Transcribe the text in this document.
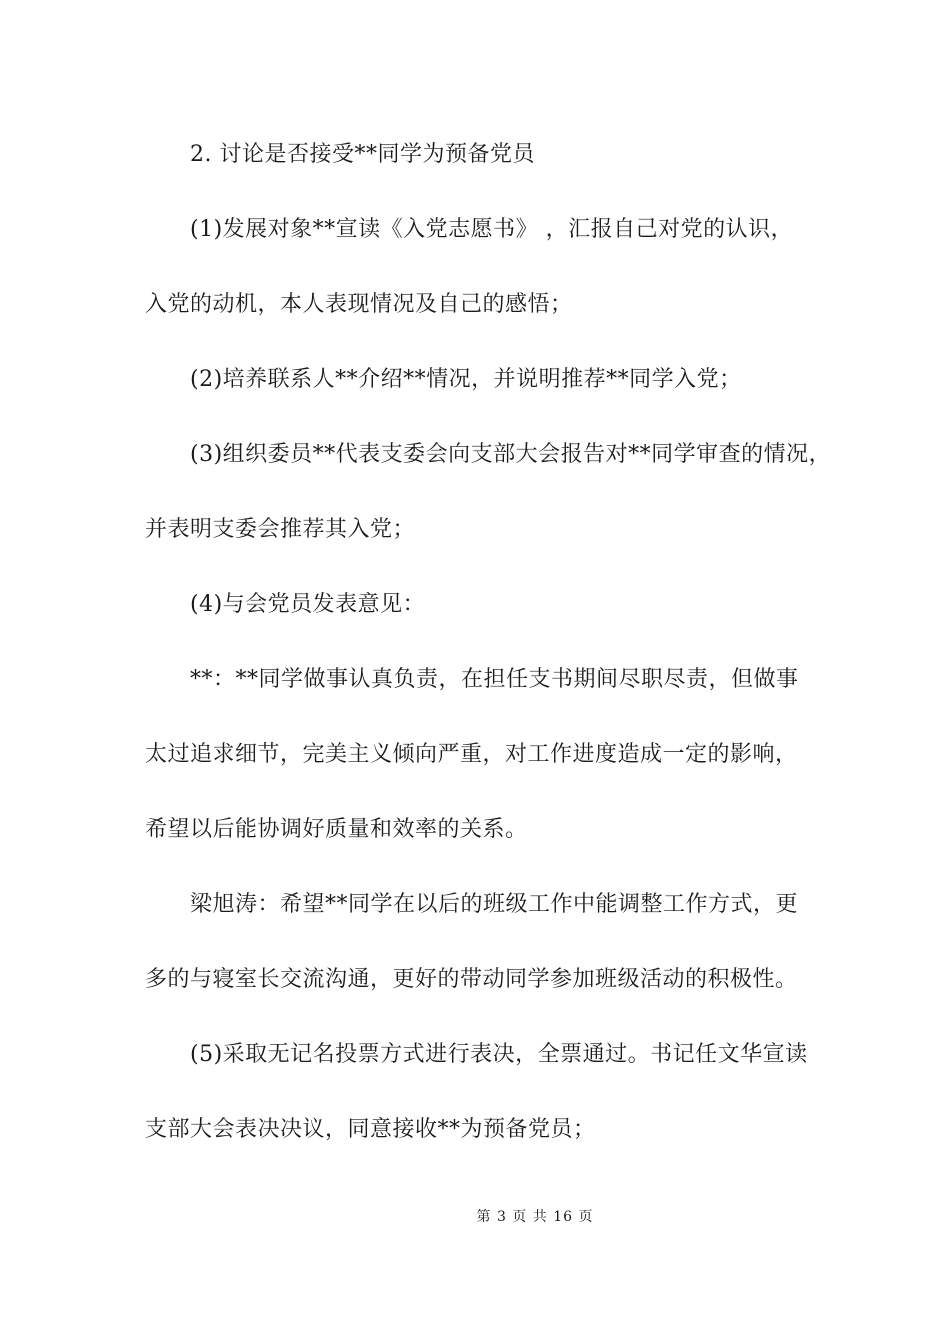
2. 讨论是否接受**同学为预备党员
(1)发展对象**宣读《入党志愿书》 ，汇报自己对党的认识，
入党的动机，本人表现情况及自己的感悟；
(2)培养联系人**介绍**情况，并说明推荐**同学入党；
(3)组织委员**代表支委会向支部大会报告对**同学审查的情况，
并表明支委会推荐其入党；
(4)与会党员发表意见：
**：**同学做事认真负责，在担任支书期间尽职尽责，但做事
太过追求细节，完美主义倾向严重，对工作进度造成一定的影响，
希望以后能协调好质量和效率的关系。
梁旭涛：希望**同学在以后的班级工作中能调整工作方式，更
多的与寝室长交流沟通，更好的带动同学参加班级活动的积极性。
(5)采取无记名投票方式进行表决，全票通过。书记任文华宣读
支部大会表决决议，同意接收**为预备党员；
第 3 页 共 16 页
